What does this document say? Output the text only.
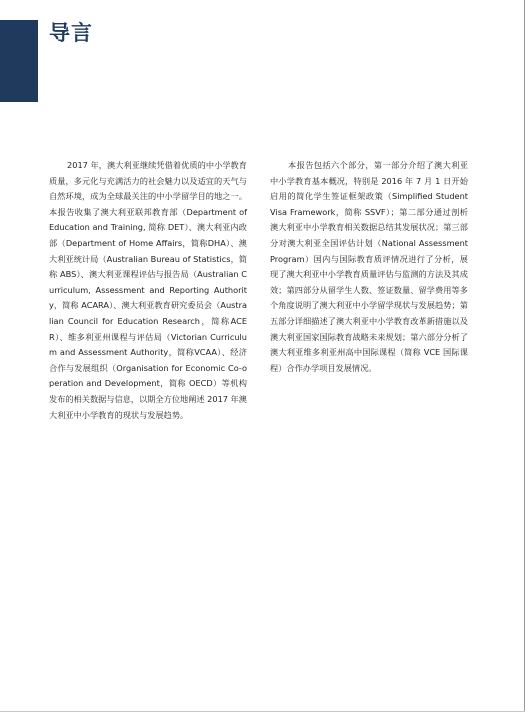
导言

2017 年，澳大利亚继续凭借着优质的中小学教育质量，多元化与充满活力的社会魅力以及适宜的天气与自然环境，成为全球最关注的中小学留学目的地之一。本报告收集了澳大利亚联邦教育部（Department of Education and Training, 简称 DET）、澳大利亚内政部（Department of Home Affairs，简称DHA）、澳大利亚统计局（Australian Bureau of Statistics，简称 ABS）、澳大利亚课程评估与报告局（Australian Curriculum, Assessment and Reporting Authority，简称 ACARA）、澳大利亚教育研究委员会（Australian Council for Education Research，简称ACER）、维多利亚州课程与评估局（Victorian Curriculum and Assessment Authority，简称VCAA）、经济合作与发展组织（Organisation for Economic Co-operation and Development，简称 OECD）等机构发布的相关数据与信息，以期全方位地阐述 2017 年澳大利亚中小学教育的现状与发展趋势。

本报告包括六个部分，第一部分介绍了澳大利亚中小学教育基本概况，特别是 2016 年 7 月 1 日开始启用的简化学生签证框架政策（Simplified Student Visa Framework，简称 SSVF）；第二部分通过剖析澳大利亚中小学教育相关数据总结其发展状况；第三部分对澳大利亚全国评估计划（National Assessment Program）国内与国际教育质评情况进行了分析，展现了澳大利亚中小学教育质量评估与监测的方法及其成效；第四部分从留学生人数、签证数量、留学费用等多个角度说明了澳大利亚中小学留学现状与发展趋势；第五部分详细描述了澳大利亚中小学教育改革新措施以及澳大利亚国家国际教育战略未来规划；第六部分分析了澳大利亚维多利亚州高中国际课程（简称 VCE 国际课程）合作办学项目发展情况。
